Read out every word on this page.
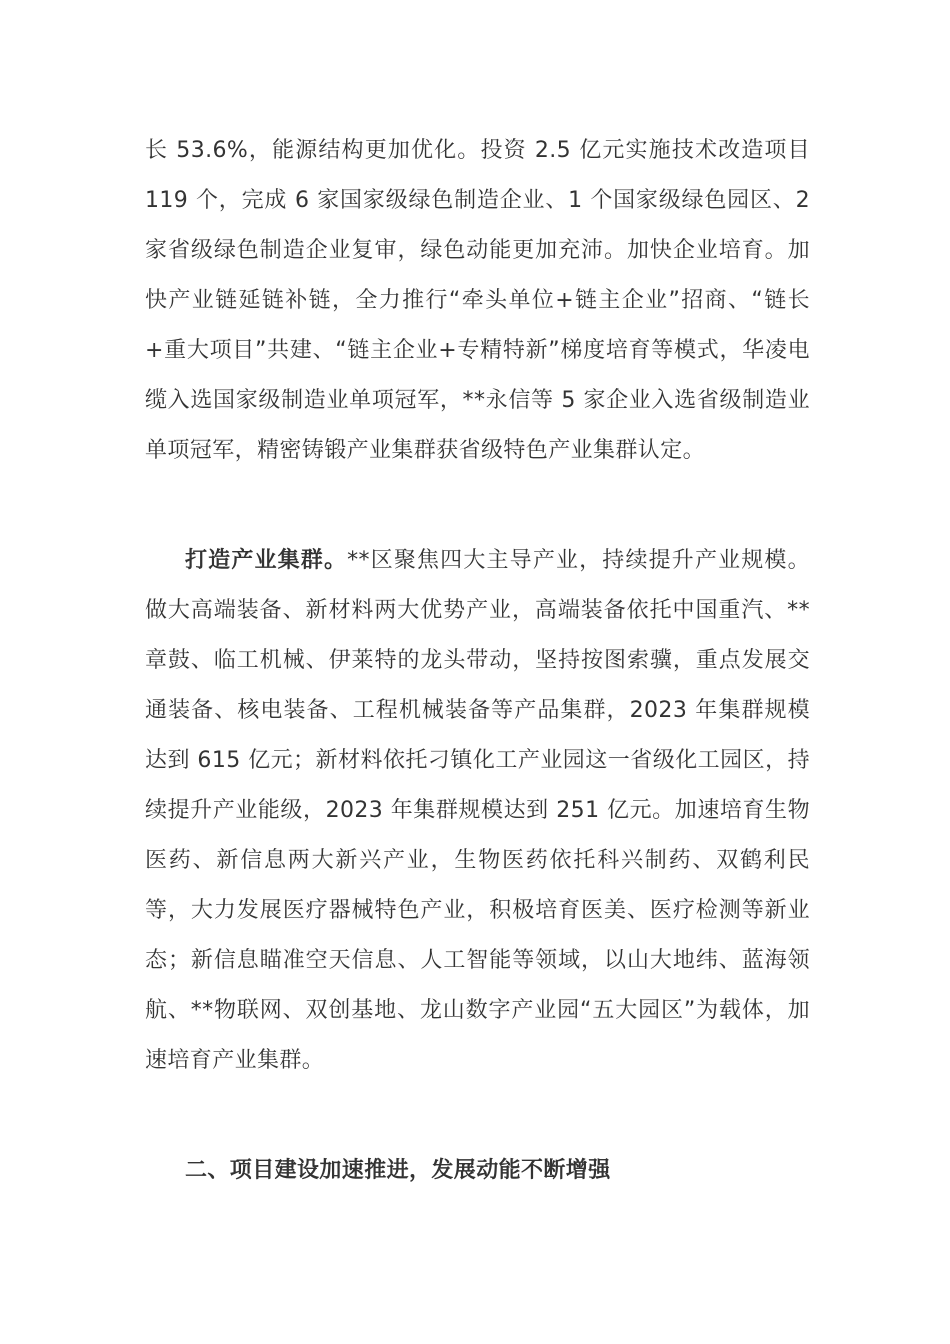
长 53.6%，能源结构更加优化。投资 2.5 亿元实施技术改造项目 119 个，完成 6 家国家级绿色制造企业、1 个国家级绿色园区、2 家省级绿色制造企业复审，绿色动能更加充沛。加快企业培育。加快产业链延链补链，全力推行“牵头单位+链主企业”招商、“链长+重大项目”共建、“链主企业+专精特新”梯度培育等模式，华凌电缆入选国家级制造业单项冠军，**永信等 5 家企业入选省级制造业单项冠军，精密铸锻产业集群获省级特色产业集群认定。

打造产业集群。**区聚焦四大主导产业，持续提升产业规模。做大高端装备、新材料两大优势产业，高端装备依托中国重汽、**章鼓、临工机械、伊莱特的龙头带动，坚持按图索骥，重点发展交通装备、核电装备、工程机械装备等产品集群，2023 年集群规模达到 615 亿元；新材料依托刁镇化工产业园这一省级化工园区，持续提升产业能级，2023 年集群规模达到 251 亿元。加速培育生物医药、新信息两大新兴产业，生物医药依托科兴制药、双鹤利民等，大力发展医疗器械特色产业，积极培育医美、医疗检测等新业态；新信息瞄准空天信息、人工智能等领域，以山大地纬、蓝海领航、**物联网、双创基地、龙山数字产业园“五大园区”为载体，加速培育产业集群。

二、项目建设加速推进，发展动能不断增强
